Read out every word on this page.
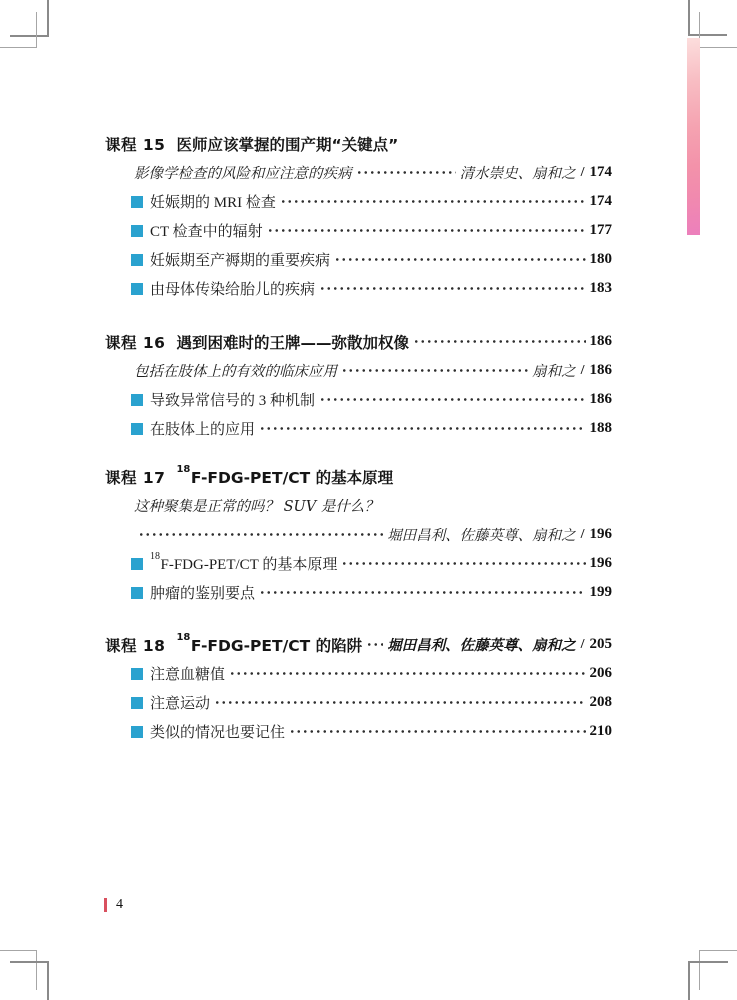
课程 15 医师应该掌握的围产期“关键点”
影像学检查的风险和应注意的疾病	清水崇史、扇和之 / 174
妊娠期的 MRI 检查	174
CT 检查中的辐射	177
妊娠期至产褥期的重要疾病	180
由母体传染给胎儿的疾病	183
课程 16 遇到困难时的王牌——弥散加权像	186
包括在肢体上的有效的临床应用	扇和之 / 186
导致异常信号的 3 种机制	186
在肢体上的应用	188
课程 17 $^{18}$F-FDG-PET/CT 的基本原理
这种聚集是正常的吗？ SUV 是什么？
堀田昌利、佐藤英尊、扇和之 / 196
$^{18}$F-FDG-PET/CT 的基本原理	196
肿瘤的鉴别要点	199
课程 18 $^{18}$F-FDG-PET/CT 的陷阱 堀田昌利、佐藤英尊、扇和之 / 205
注意血糖值	206
注意运动	208
类似的情况也要记住	210
4
